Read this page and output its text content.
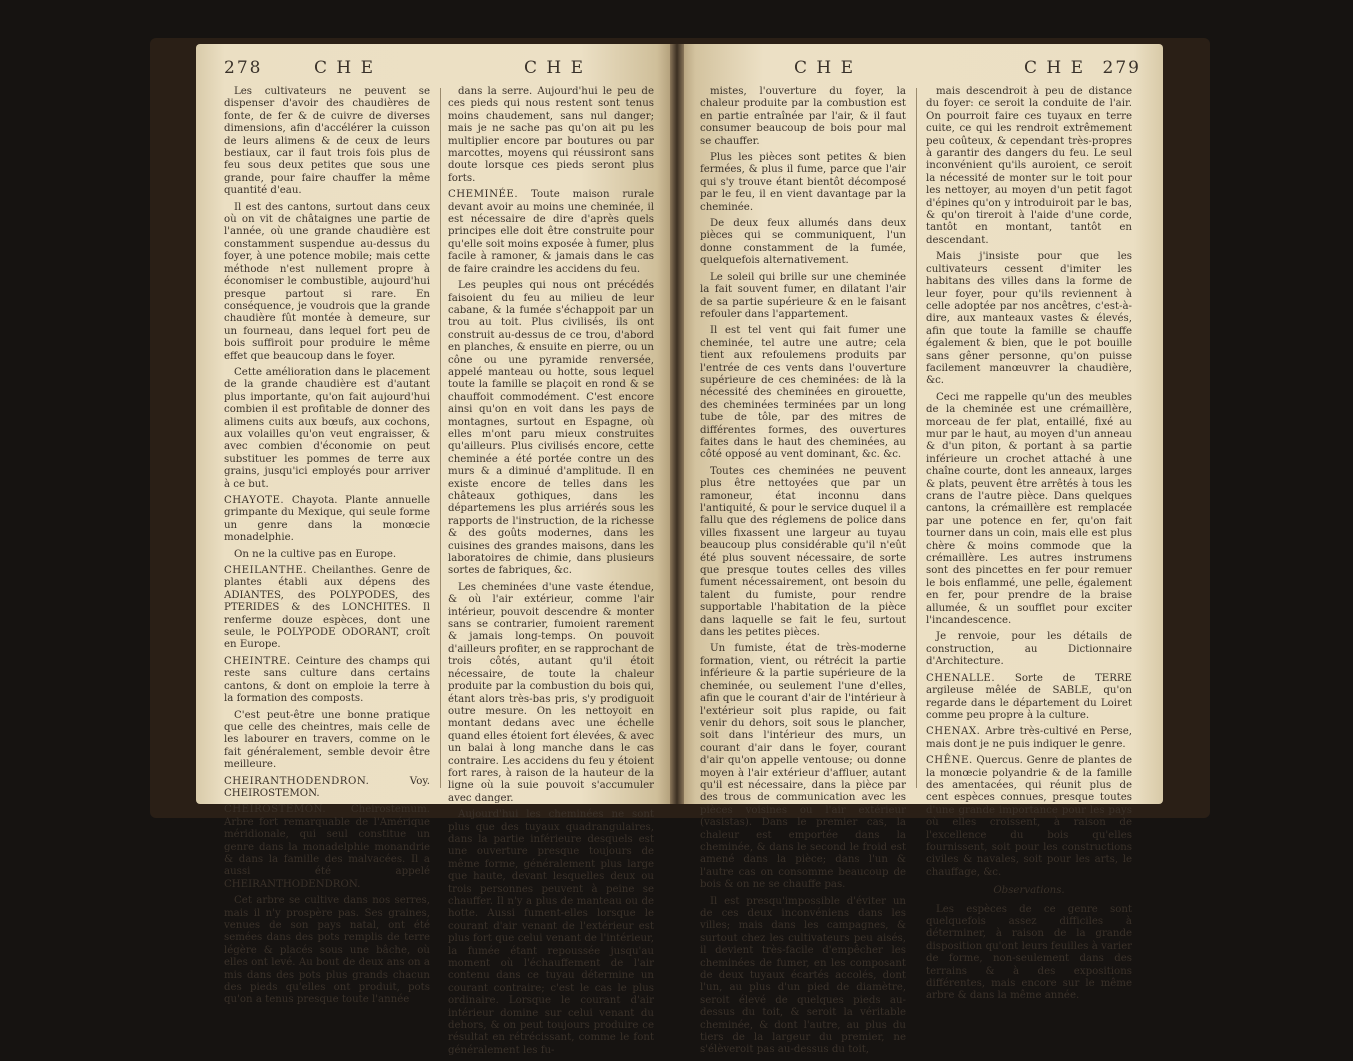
278	C H E	C H E

Les cultivateurs ne peuvent se dispenser d'avoir des chaudières de fonte, de fer & de cuivre de diverses dimensions, afin d'accélérer la cuisson de leurs alimens & de ceux de leurs bestiaux, car il faut trois fois plus de feu sous deux petites que sous une grande, pour faire chauffer la même quantité d'eau.

Il est des cantons, surtout dans ceux où on vit de châtaignes une partie de l'année, où une grande chaudière est constamment suspendue au-dessus du foyer, à une potence mobile; mais cette méthode n'est nullement propre à économiser le combustible, aujourd'hui presque partout si rare. En conséquence, je voudrois que la grande chaudière fût montée à demeure, sur un fourneau, dans lequel fort peu de bois suffiroit pour produire le même effet que beaucoup dans le foyer.

Cette amélioration dans le placement de la grande chaudière est d'autant plus importante, qu'on fait aujourd'hui combien il est profitable de donner des alimens cuits aux bœufs, aux cochons, aux volailles qu'on veut engraisser, & avec combien d'économie on peut substituer les pommes de terre aux grains, jusqu'ici employés pour arriver à ce but.

CHAYOTE. Chayota. Plante annuelle grimpante du Mexique, qui seule forme un genre dans la monœcie monadelphie.

On ne la cultive pas en Europe.

CHEILANTHE. Cheilanthes. Genre de plantes établi aux dépens des ADIANTES, des POLYPODES, des PTERIDES & des LONCHITES. Il renferme douze espèces, dont une seule, le POLYPODE ODORANT, croît en Europe.

CHEINTRE. Ceinture des champs qui reste sans culture dans certains cantons, & dont on emploie la terre à la formation des composts.

C'est peut-être une bonne pratique que celle des cheintres, mais celle de les labourer en travers, comme on le fait généralement, semble devoir être meilleure.

CHEIRANTHODENDRON.	Voy. CHEIROSTEMON.

CHEIROSTEMON. Cheirostemum. Arbre fort remarquable de l'Amérique méridionale, qui seul constitue un genre dans la monadelphie monandrie & dans la famille des malvacées. Il a aussi été appelé CHEIRANTHODENDRON.

Cet arbre se cultive dans nos serres, mais il n'y prospère pas. Ses graines, venues de son pays natal, ont été semées dans des pots remplis de terre légère & placés sous une bâche, où elles ont levé. Au bout de deux ans on a mis dans des pots plus grands chacun des pieds qu'elles ont produit, pots qu'on a tenus presque toute l'année

dans la serre. Aujourd'hui le peu de ces pieds qui nous restent sont tenus moins chaudement, sans nul danger; mais je ne sache pas qu'on ait pu les multiplier encore par boutures ou par marcottes, moyens qui réussiront sans doute lorsque ces pieds seront plus forts.

CHEMINÉE. Toute maison rurale devant avoir au moins une cheminée, il est nécessaire de dire d'après quels principes elle doit être construite pour qu'elle soit moins exposée à fumer, plus facile à ramoner, & jamais dans le cas de faire craindre les accidens du feu.

Les peuples qui nous ont précédés faisoient du feu au milieu de leur cabane, & la fumée s'échappoit par un trou au toit. Plus civilisés, ils ont construit au-dessus de ce trou, d'abord en planches, & ensuite en pierre, ou un cône ou une pyramide renversée, appelé manteau ou hotte, sous lequel toute la famille se plaçoit en rond & se chauffoit commodément. C'est encore ainsi qu'on en voit dans les pays de montagnes, surtout en Espagne, où elles m'ont paru mieux construites qu'ailleurs. Plus civilisés encore, cette cheminée a été portée contre un des murs & a diminué d'amplitude. Il en existe encore de telles dans les châteaux gothiques, dans les départemens les plus arriérés sous les rapports de l'instruction, de la richesse & des goûts modernes, dans les cuisines des grandes maisons, dans les laboratoires de chimie, dans plusieurs sortes de fabriques, &c.

Les cheminées d'une vaste étendue, & où l'air extérieur, comme l'air intérieur, pouvoit descendre & monter sans se contrarier, fumoient rarement & jamais long-temps. On pouvoit d'ailleurs profiter, en se rapprochant de trois côtés, autant qu'il étoit nécessaire, de toute la chaleur produite par la combustion du bois qui, étant alors très-bas pris, s'y prodiguoit outre mesure. On les nettoyoit en montant dedans avec une échelle quand elles étoient fort élevées, & avec un balai à long manche dans le cas contraire. Les accidens du feu y étoient fort rares, à raison de la hauteur de la ligne où la suie pouvoit s'accumuler avec danger.

Aujourd'hui les cheminées ne sont plus que des tuyaux quadrangulaires, dans la partie inférieure desquels est une ouverture presque toujours de même forme, généralement plus large que haute, devant lesquelles deux ou trois personnes peuvent à peine se chauffer. Il n'y a plus de manteau ou de hotte. Aussi fument-elles lorsque le courant d'air venant de l'extérieur est plus fort que celui venant de l'intérieur, la fumée étant repoussée jusqu'au moment où l'échauffement de l'air contenu dans ce tuyau détermine un courant contraire; c'est le cas le plus ordinaire. Lorsque le courant d'air intérieur domine sur celui venant du dehors, & on peut toujours produire ce résultat en rétrécissant, comme le font généralement les fu-

C H E	C H E 279

mistes, l'ouverture du foyer, la chaleur produite par la combustion est en partie entraînée par l'air, & il faut consumer beaucoup de bois pour mal se chauffer.

Plus les pièces sont petites & bien fermées, & plus il fume, parce que l'air qui s'y trouve étant bientôt décomposé par le feu, il en vient davantage par la cheminée.

De deux feux allumés dans deux pièces qui se communiquent, l'un donne constamment de la fumée, quelquefois alternativement.

Le soleil qui brille sur une cheminée la fait souvent fumer, en dilatant l'air de sa partie supérieure & en le faisant refouler dans l'appartement.

Il est tel vent qui fait fumer une cheminée, tel autre une autre; cela tient aux refoulemens produits par l'entrée de ces vents dans l'ouverture supérieure de ces cheminées: de là la nécessité des cheminées en girouette, des cheminées terminées par un long tube de tôle, par des mitres de différentes formes, des ouvertures faites dans le haut des cheminées, au côté opposé au vent dominant, &c. &c.

Toutes ces cheminées ne peuvent plus être nettoyées que par un ramoneur, état inconnu dans l'antiquité, & pour le service duquel il a fallu que des réglemens de police dans villes fixassent une largeur au tuyau beaucoup plus considérable qu'il n'eût été plus souvent nécessaire, de sorte que presque toutes celles des villes fument nécessairement, ont besoin du talent du fumiste, pour rendre supportable l'habitation de la pièce dans laquelle se fait le feu, surtout dans les petites pièces.

Un fumiste, état de très-moderne formation, vient, ou rétrécit la partie inférieure & la partie supérieure de la cheminée, ou seulement l'une d'elles, afin que le courant d'air de l'intérieur à l'extérieur soit plus rapide, ou fait venir du dehors, soit sous le plancher, soit dans l'intérieur des murs, un courant d'air dans le foyer, courant d'air qu'on appelle ventouse; ou donne moyen à l'air extérieur d'affluer, autant qu'il est nécessaire, dans la pièce par des trous de communication avec les pièces voisines ou l'air extérieur (vasistas). Dans le premier cas, la chaleur est emportée dans la cheminée, & dans le second le froid est amené dans la pièce; dans l'un & l'autre cas on consomme beaucoup de bois & on ne se chauffe pas.

Il est presqu'impossible d'éviter un de ces deux inconvéniens dans les villes; mais dans les campagnes, & surtout chez les cultivateurs peu aisés, il devient très-facile d'empêcher les cheminées de fumer, en les composant de deux tuyaux écartés accolés, dont l'un, au plus d'un pied de diamètre, seroit élevé de quelques pieds au-dessus du toit, & seroit la véritable cheminée, & dont l'autre, au plus du tiers de la largeur du premier, ne s'élèveroit pas au-dessus du toit,

mais descendroit à peu de distance du foyer: ce seroit la conduite de l'air. On pourroit faire ces tuyaux en terre cuite, ce qui les rendroit extrêmement peu coûteux, & cependant très-propres à garantir des dangers du feu. Le seul inconvénient qu'ils auroient, ce seroit la nécessité de monter sur le toit pour les nettoyer, au moyen d'un petit fagot d'épines qu'on y introduiroit par le bas, & qu'on tireroit à l'aide d'une corde, tantôt en montant, tantôt en descendant.

Mais j'insiste pour que les cultivateurs cessent d'imiter les habitans des villes dans la forme de leur foyer, pour qu'ils reviennent à celle adoptée par nos ancêtres, c'est-à-dire, aux manteaux vastes & élevés, afin que toute la famille se chauffe également & bien, que le pot bouille sans gêner personne, qu'on puisse facilement manœuvrer la chaudière, &c.

Ceci me rappelle qu'un des meubles de la cheminée est une crémaillère, morceau de fer plat, entaillé, fixé au mur par le haut, au moyen d'un anneau & d'un piton, & portant à sa partie inférieure un crochet attaché à une chaîne courte, dont les anneaux, larges & plats, peuvent être arrêtés à tous les crans de l'autre pièce. Dans quelques cantons, la crémaillère est remplacée par une potence en fer, qu'on fait tourner dans un coin, mais elle est plus chère & moins commode que la crémaillère. Les autres instrumens sont des pincettes en fer pour remuer le bois enflammé, une pelle, également en fer, pour prendre de la braise allumée, & un soufflet pour exciter l'incandescence.

Je renvoie, pour les détails de construction, au Dictionnaire d'Architecture.

CHENALLE. Sorte de TERRE argileuse mêlée de SABLE, qu'on regarde dans le département du Loiret comme peu propre à la culture.

CHENAX. Arbre très-cultivé en Perse, mais dont je ne puis indiquer le genre.

CHÊNE. Quercus. Genre de plantes de la monœcie polyandrie & de la famille des amentacées, qui réunit plus de cent espèces connues, presque toutes d'une grande importance pour les pays où elles croissent, à raison de l'excellence du bois qu'elles fournissent, soit pour les constructions civiles & navales, soit pour les arts, le chauffage, &c.

Observations.

Les espèces de ce genre sont quelquefois assez difficiles à déterminer, à raison de la grande disposition qu'ont leurs feuilles à varier de forme, non-seulement dans des terrains & à des expositions différentes, mais encore sur le même arbre & dans la même année.
